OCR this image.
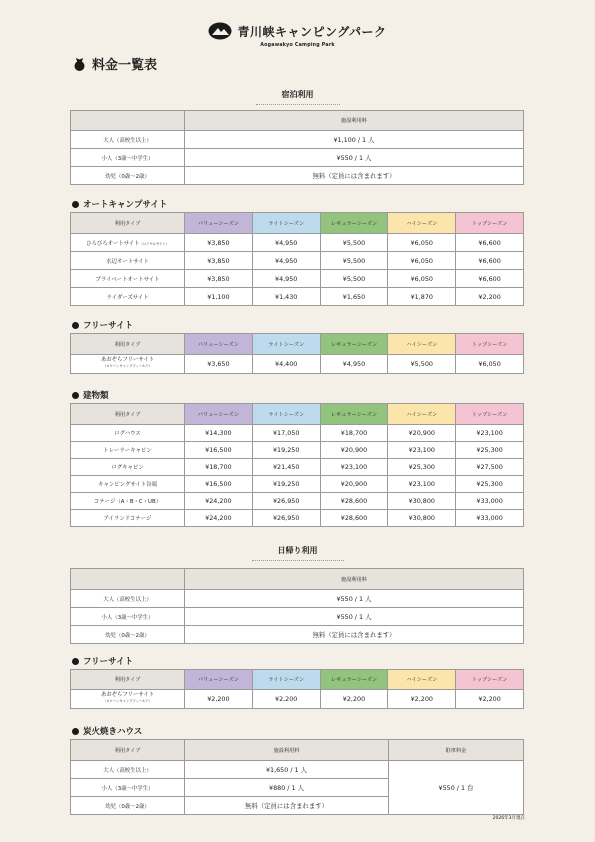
青川峡キャンピングパーク
Aogawakyo Camping Park
料金一覧表
宿泊利用
	施設利用料
大人（高校生以上）	¥1,100 / 1 人
小人（3歳〜中学生）	¥550 / 1 人
幼児（0歳〜2歳）	無料（定員には含まれます）
オートキャンプサイト
利用タイプ	バリューシーズン	ライトシーズン	レギュラーシーズン	ハイシーズン	トップシーズン
ひろびろオートサイト（ロイヤルサイト）	¥3,850	¥4,950	¥5,500	¥6,050	¥6,600
水辺オートサイト	¥3,850	¥4,950	¥5,500	¥6,050	¥6,600
プライベートオートサイト	¥3,850	¥4,950	¥5,500	¥6,050	¥6,600
ライダーズサイト	¥1,100	¥1,430	¥1,650	¥1,870	¥2,200
フリーサイト
利用タイプ	バリューシーズン	ライトシーズン	レギュラーシーズン	ハイシーズン	トップシーズン
あおぞらフリーサイト
（ロケハンキャンプフィールド）	¥3,650	¥4,400	¥4,950	¥5,500	¥6,050
建物類
利用タイプ	バリューシーズン	ライトシーズン	レギュラーシーズン	ハイシーズン	トップシーズン
ログハウス	¥14,300	¥17,050	¥18,700	¥20,900	¥23,100
トレーラーキャビン	¥16,500	¥19,250	¥20,900	¥23,100	¥25,300
ログキャビン	¥18,700	¥21,450	¥23,100	¥25,300	¥27,500
キャンピングサイト谷端	¥16,500	¥19,250	¥20,900	¥23,100	¥25,300
コテージ（A・B・C・UB）	¥24,200	¥26,950	¥28,600	¥30,800	¥33,000
アイランドコテージ	¥24,200	¥26,950	¥28,600	¥30,800	¥33,000
日帰り利用
	施設利用料
大人（高校生以上）	¥550 / 1 人
小人（3歳〜中学生）	¥550 / 1 人
幼児（0歳〜2歳）	無料（定員には含まれます）
フリーサイト
利用タイプ	バリューシーズン	ライトシーズン	レギュラーシーズン	ハイシーズン	トップシーズン
あおぞらフリーサイト
（ロケハンキャンプフィールド）	¥2,200	¥2,200	¥2,200	¥2,200	¥2,200
炭火焼きハウス
利用タイプ	施設利用料	駐車料金
大人（高校生以上）	¥1,650 / 1 人	¥550 / 1 台
小人（3歳〜中学生）	¥880 / 1 人	
幼児（0歳〜2歳）	無料（定員には含まれます）	
2026年3月現在
